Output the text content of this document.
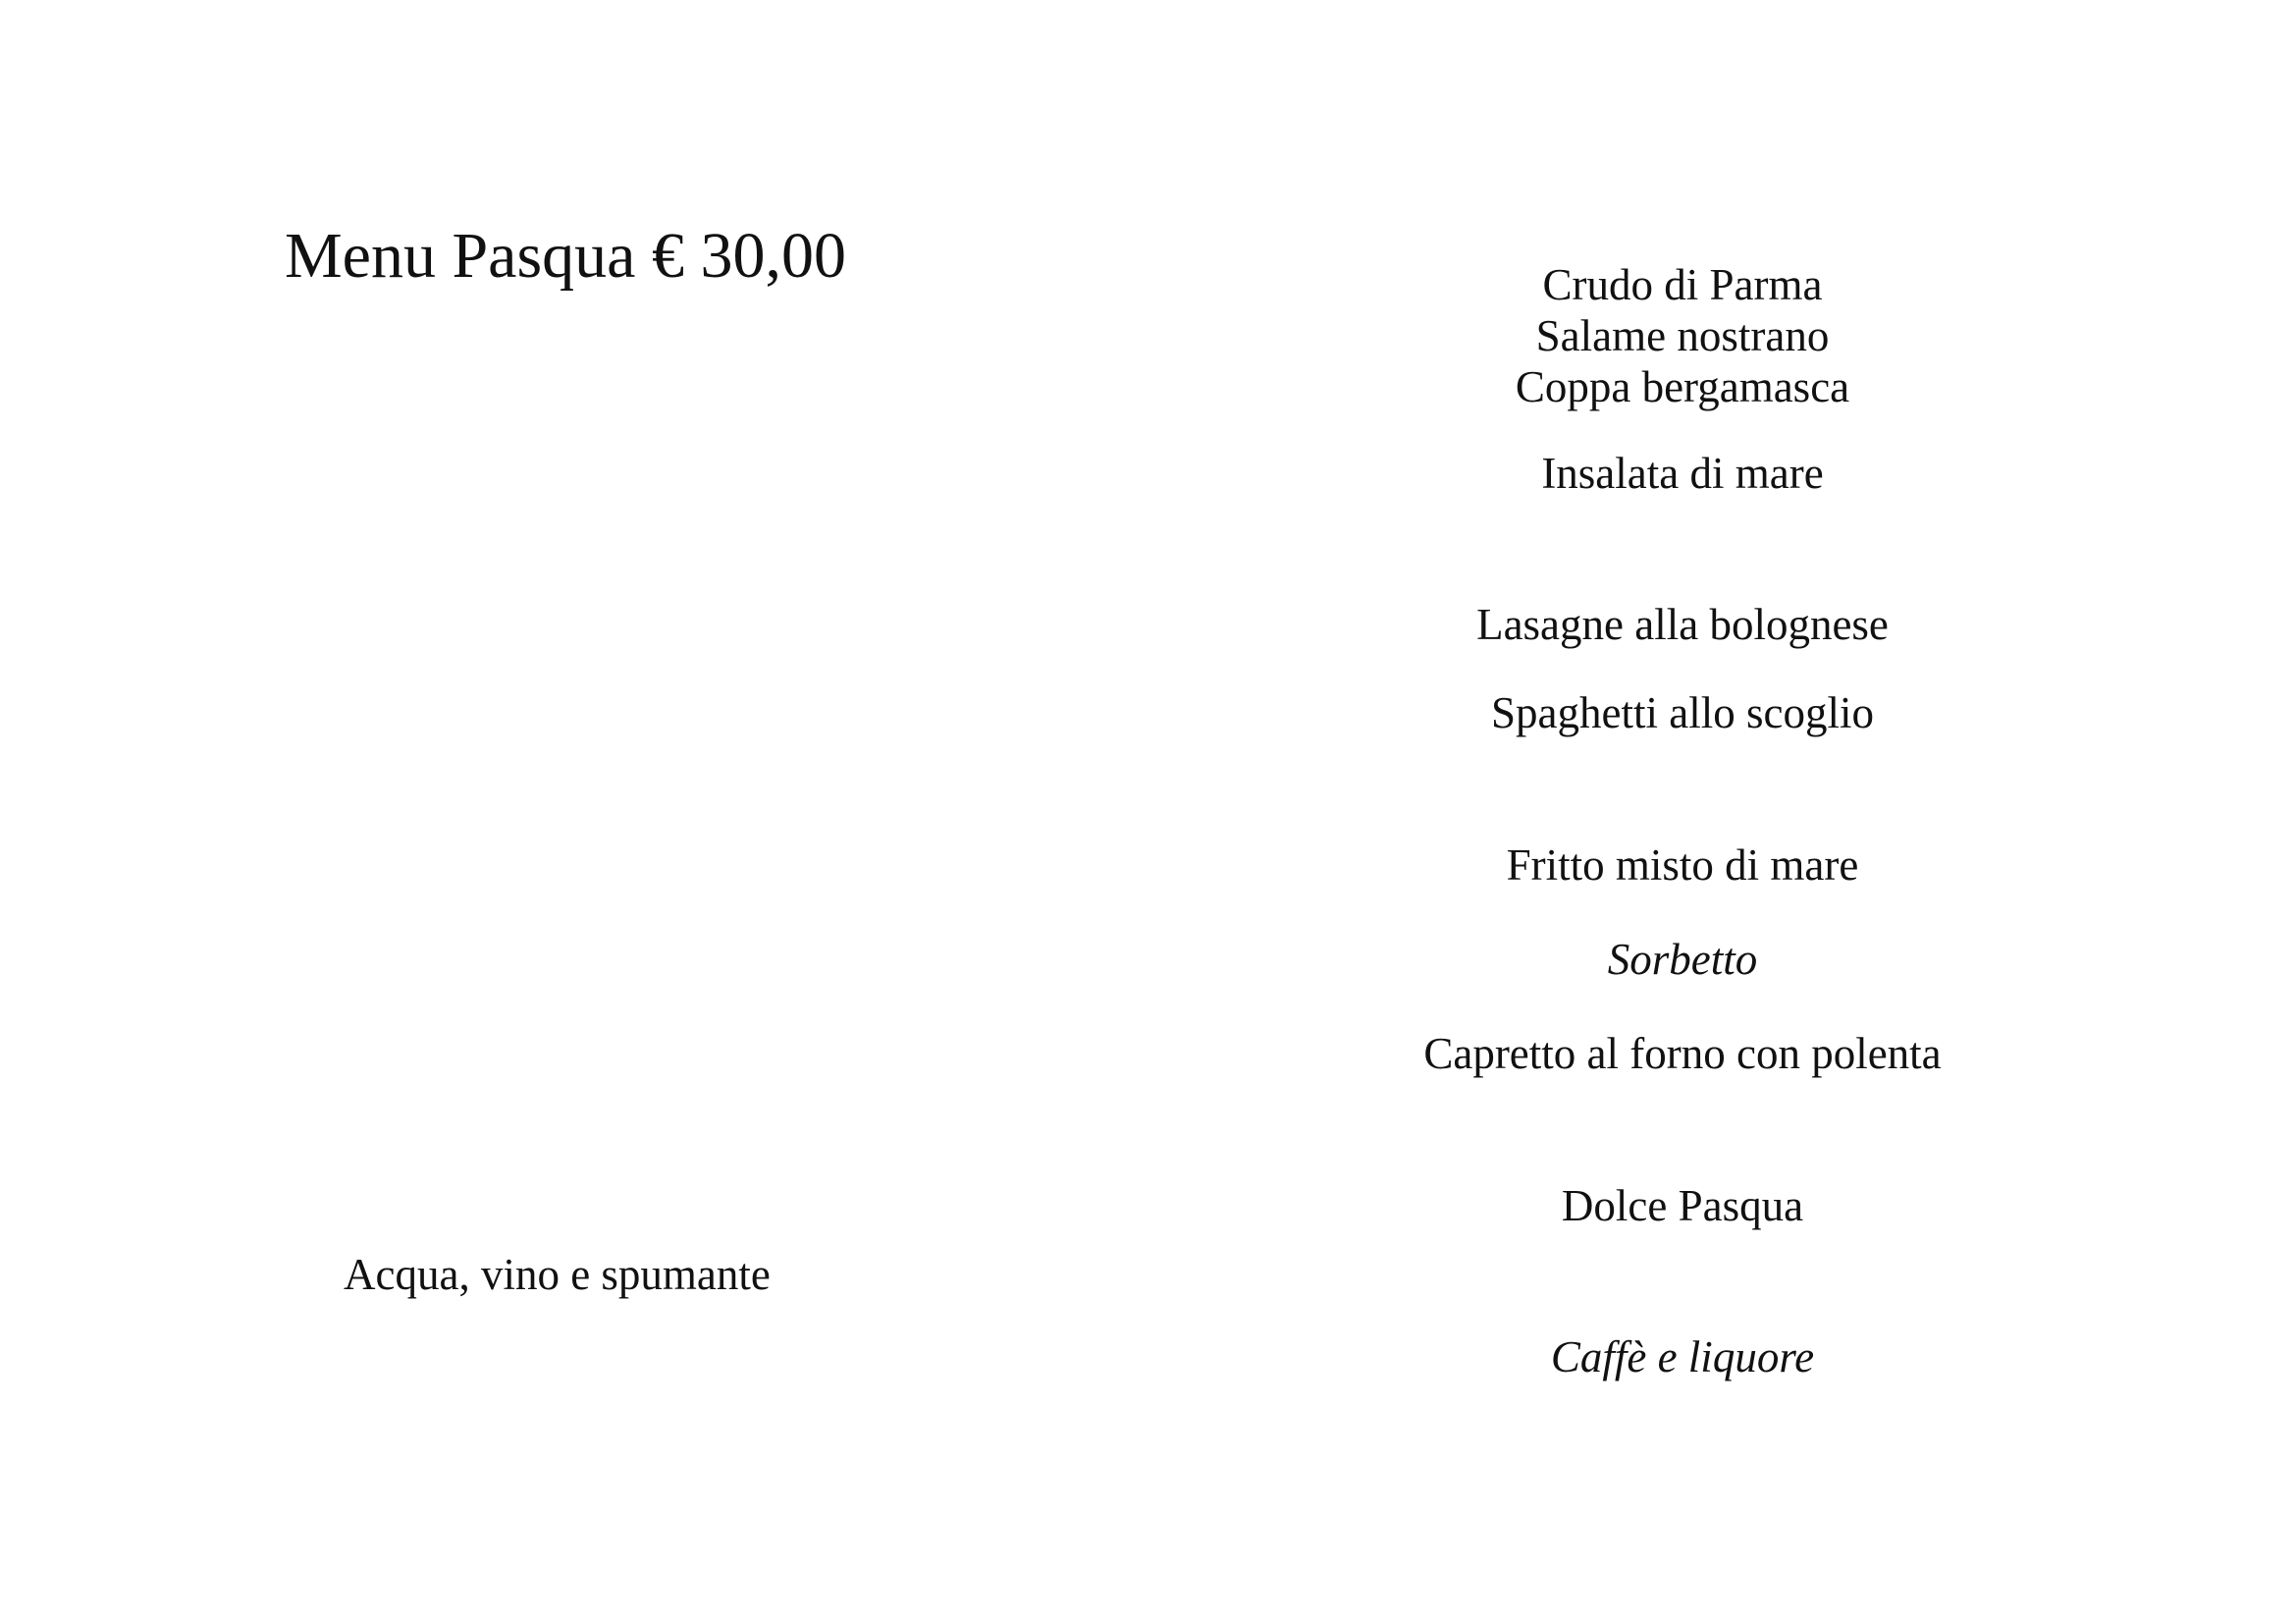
Menu Pasqua € 30,00
Acqua, vino e spumante
Crudo di Parma
Salame nostrano
Coppa bergamasca
Insalata di mare
Lasagne alla bolognese
Spaghetti allo scoglio
Fritto misto di mare
Sorbetto
Capretto al forno con polenta
Dolce Pasqua
Caffè e liquore
